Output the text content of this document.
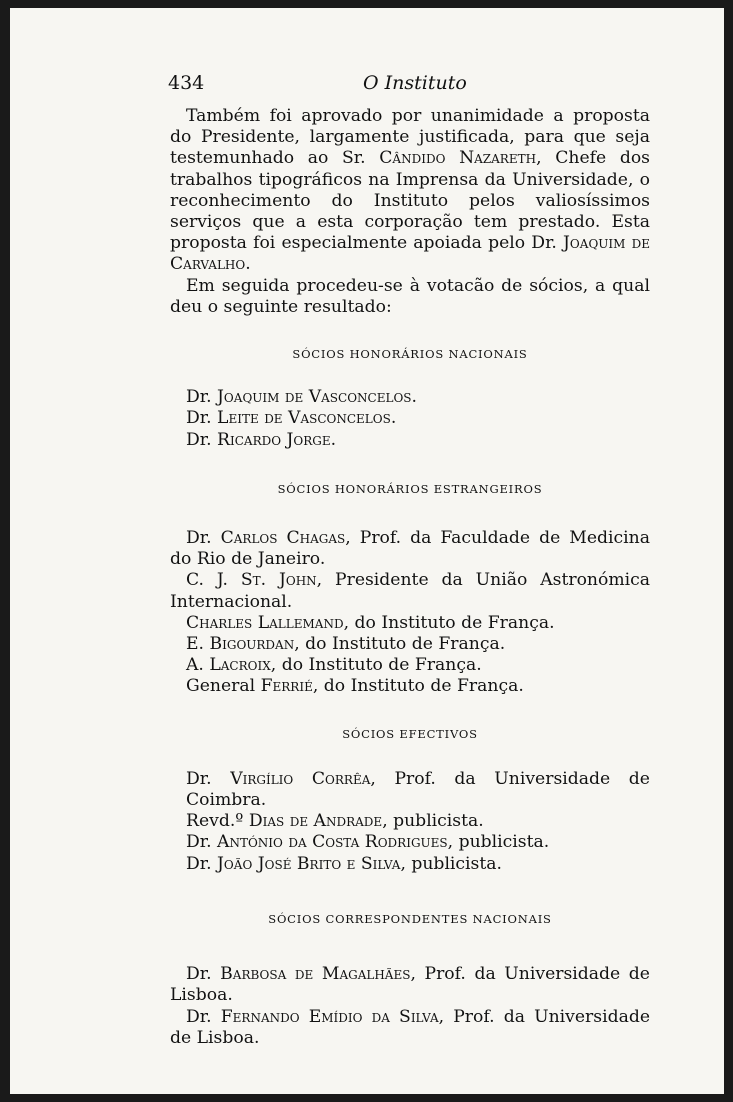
434	O Instituto

Também foi aprovado por unanimidade a proposta do Presidente, largamente justificada, para que seja testemunhado ao Sr. Cândido Nazareth, Chefe dos trabalhos tipográficos na Imprensa da Universidade, o reconhecimento do Instituto pelos valiosíssimos serviços que a esta corporação tem prestado. Esta proposta foi especialmente apoiada pelo Dr. Joaquim de Carvalho.

Em seguida procedeu-se à votacão de sócios, a qual deu o seguinte resultado:

SÓCIOS HONORÁRIOS NACIONAIS

Dr. Joaquim de Vasconcelos.

Dr. Leite de Vasconcelos.

Dr. Ricardo Jorge.

SÓCIOS HONORÁRIOS ESTRANGEIROS

Dr. Carlos Chagas, Prof. da Faculdade de Medicina do Rio de Janeiro.

C. J. St. John, Presidente da União Astronómica Internacional.

Charles Lallemand, do Instituto de França.

E. Bigourdan, do Instituto de França.

A. Lacroix, do Instituto de França.

General Ferrié, do Instituto de França.

SÓCIOS EFECTIVOS

Dr. Virgílio Corrêa, Prof. da Universidade de Coimbra.

Revd.º Dias de Andrade, publicista.

Dr. António da Costa Rodrigues, publicista.

Dr. João José Brito e Silva, publicista.

SÓCIOS CORRESPONDENTES NACIONAIS

Dr. Barbosa de Magalhães, Prof. da Universidade de Lisboa.

Dr. Fernando Emídio da Silva, Prof. da Universidade de Lisboa.
